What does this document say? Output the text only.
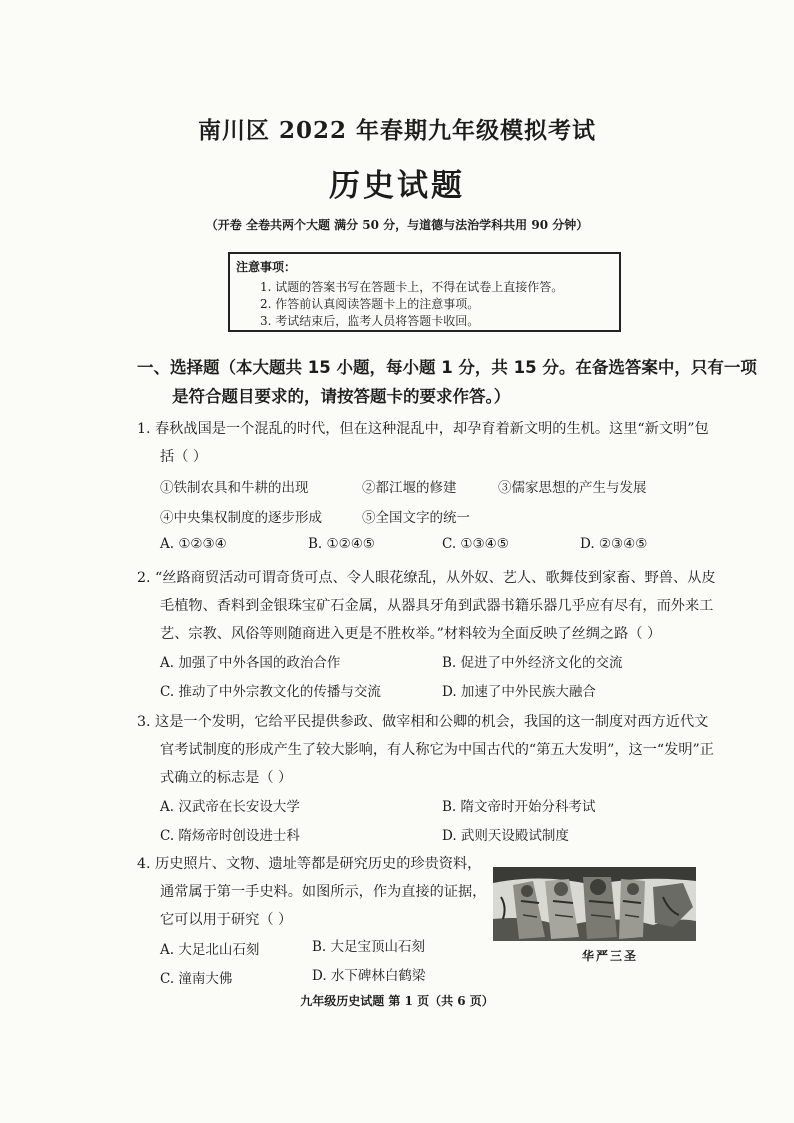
南川区 2022 年春期九年级模拟考试
历史试题
（开卷 全卷共两个大题 满分 50 分，与道德与法治学科共用 90 分钟）
注意事项：
1. 试题的答案书写在答题卡上，不得在试卷上直接作答。
2. 作答前认真阅读答题卡上的注意事项。
3. 考试结束后，监考人员将答题卡收回。
一、选择题（本大题共 15 小题，每小题 1 分，共 15 分。在备选答案中，只有一项
是符合题目要求的，请按答题卡的要求作答。）
1. 春秋战国是一个混乱的时代，但在这种混乱中，却孕育着新文明的生机。这里“新文明”包
括（ ）
①铁制农具和牛耕的出现	②都江堰的修建	③儒家思想的产生与发展
④中央集权制度的逐步形成	⑤全国文字的统一
A. ①②③④	B. ①②④⑤	C. ①③④⑤	D. ②③④⑤
2. “丝路商贸活动可谓奇货可点、令人眼花缭乱，从外奴、艺人、歌舞伎到家畜、野兽、从皮
毛植物、香料到金银珠宝矿石金属，从器具牙角到武器书籍乐器几乎应有尽有，而外来工
艺、宗教、风俗等则随商进入更是不胜枚举。”材料较为全面反映了丝绸之路（ ）
A. 加强了中外各国的政治合作	B. 促进了中外经济文化的交流
C. 推动了中外宗教文化的传播与交流	D. 加速了中外民族大融合
3. 这是一个发明，它给平民提供参政、做宰相和公卿的机会，我国的这一制度对西方近代文
官考试制度的形成产生了较大影响，有人称它为中国古代的“第五大发明”，这一“发明”正
式确立的标志是（ ）
A. 汉武帝在长安设大学	B. 隋文帝时开始分科考试
C. 隋炀帝时创设进士科	D. 武则天设殿试制度
4. 历史照片、文物、遗址等都是研究历史的珍贵资料，
通常属于第一手史料。如图所示，作为直接的证据，
它可以用于研究（ ）
A. 大足北山石刻	B. 大足宝顶山石刻
C. 潼南大佛	D. 水下碑林白鹤梁
华严三圣
九年级历史试题 第 1 页（共 6 页）
